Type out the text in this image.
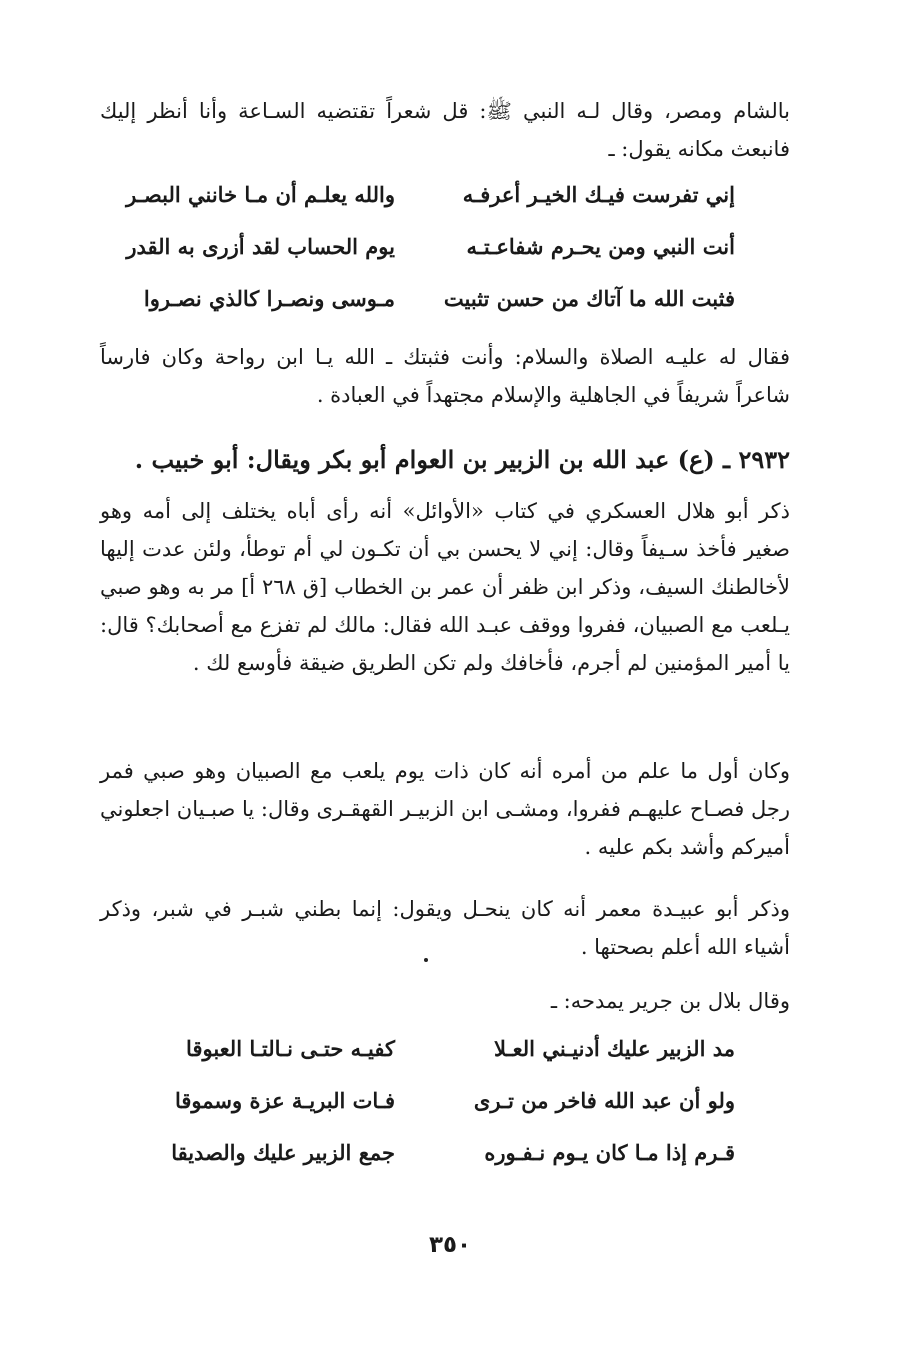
بالشام ومصر، وقال لـه النبي ﷺ: قل شعراً تقتضيه السـاعة وأنا أنظر إليك فانبعث مكانه يقول: ـ

إني تفرست فيـك الخيـر أعرفـه
والله يعلـم أن مـا خانني البصـر
أنت النبي ومن يحـرم شفاعـتـه
يوم الحساب لقد أزرى به القدر
فثبت الله ما آتاك من حسن تثبيت
مـوسى ونصـرا كالذي نصـروا

فقال له عليـه الصلاة والسلام: وأنت فثبتك ـ الله يـا ابن رواحة وكان فارساً شاعراً شريفاً في الجاهلية والإسلام مجتهداً في العبادة .

٢٩٣٢ ـ (ع) عبد الله بن الزبير بن العوام أبو بكر ويقال: أبو خبيب .

ذكر أبو هلال العسكري في كتاب «الأوائل» أنه رأى أباه يختلف إلى أمه وهو صغير فأخذ سـيفاً وقال: إني لا يحسن بي أن تكـون لي أم توطأ، ولئن عدت إليها لأخالطنك السيف، وذكر ابن ظفر أن عمر بن الخطاب [ق ٢٦٨ أ] مر به وهو صبي يـلعب مع الصبيان، ففروا ووقف عبـد الله فقال: مالك لم تفزع مع أصحابك؟ قال: يا أمير المؤمنين لم أجرم، فأخافك ولم تكن الطريق ضيقة فأوسع لك .

وكان أول ما علم من أمره أنه كان ذات يوم يلعب مع الصبيان وهو صبي فمر رجل فصـاح عليهـم ففروا، ومشـى ابن الزبيـر القهقـرى وقال: يا صبـيان اجعلوني أميركم وأشد بكم عليه .

وذكر أبو عبيـدة معمر أنه كان ينحـل ويقول: إنما بطني شبـر في شبر، وذكر أشياء الله أعلم بصحتها .

وقال بلال بن جرير يمدحه: ـ

مد الزبير عليك أدنيـني العـلا
كفيـه حتـى نـالتـا العبوقا
ولو أن عبد الله فاخر من تـرى
فـات البريـة عزة وسموقا
قـرم إذا مـا كان يـوم نـفـوره
جمع الزبير عليك والصديقا
٣٥٠
